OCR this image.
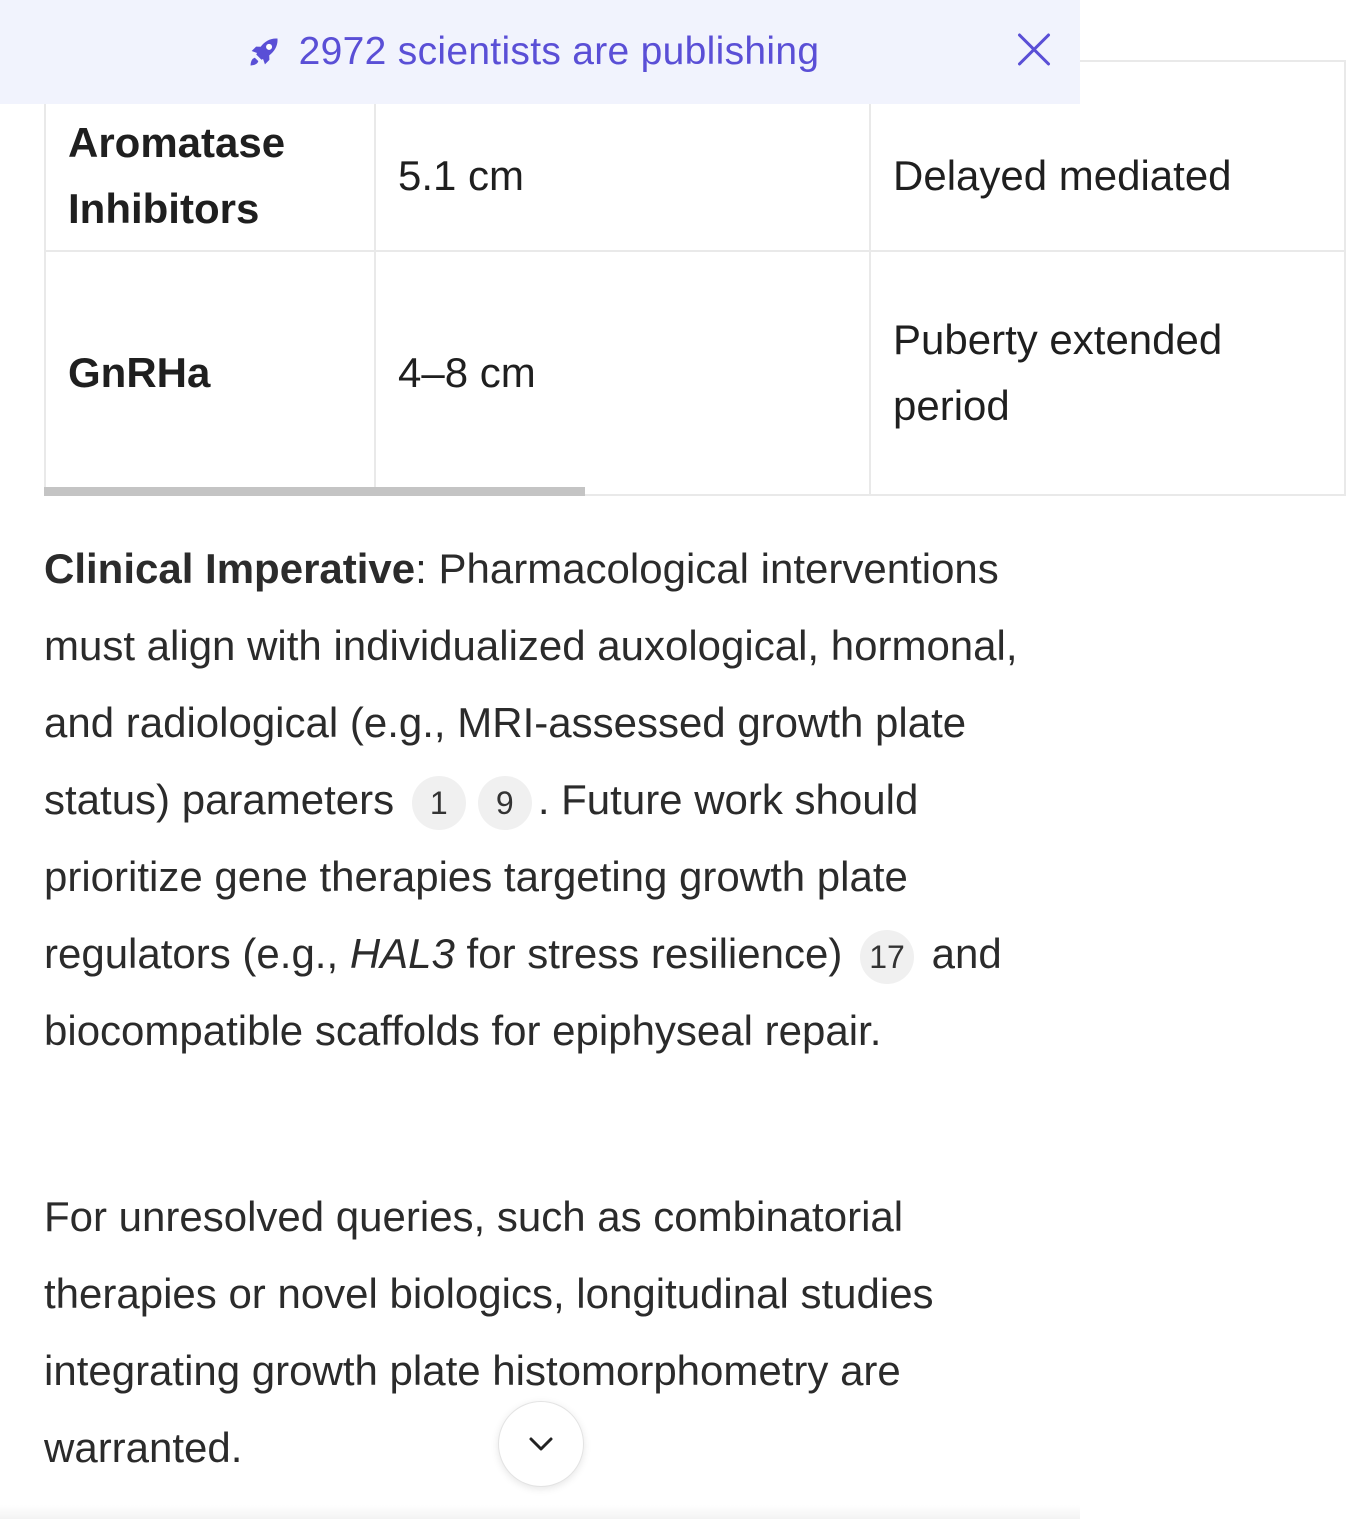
2972 scientists are publishing
Aromatase Inhibitors	5.1 cm	Delayed mediated
GnRHa	4–8 cm	Puberty extended period
Clinical Imperative: Pharmacological interventions must align with individualized auxological, hormonal, and radiological (e.g., MRI-assessed growth plate status) parameters 1 9 . Future work should prioritize gene therapies targeting growth plate regulators (e.g., HAL3 for stress resilience) 17 and biocompatible scaffolds for epiphyseal repair.
For unresolved queries, such as combinatorial therapies or novel biologics, longitudinal studies integrating growth plate histomorphometry are warranted.
